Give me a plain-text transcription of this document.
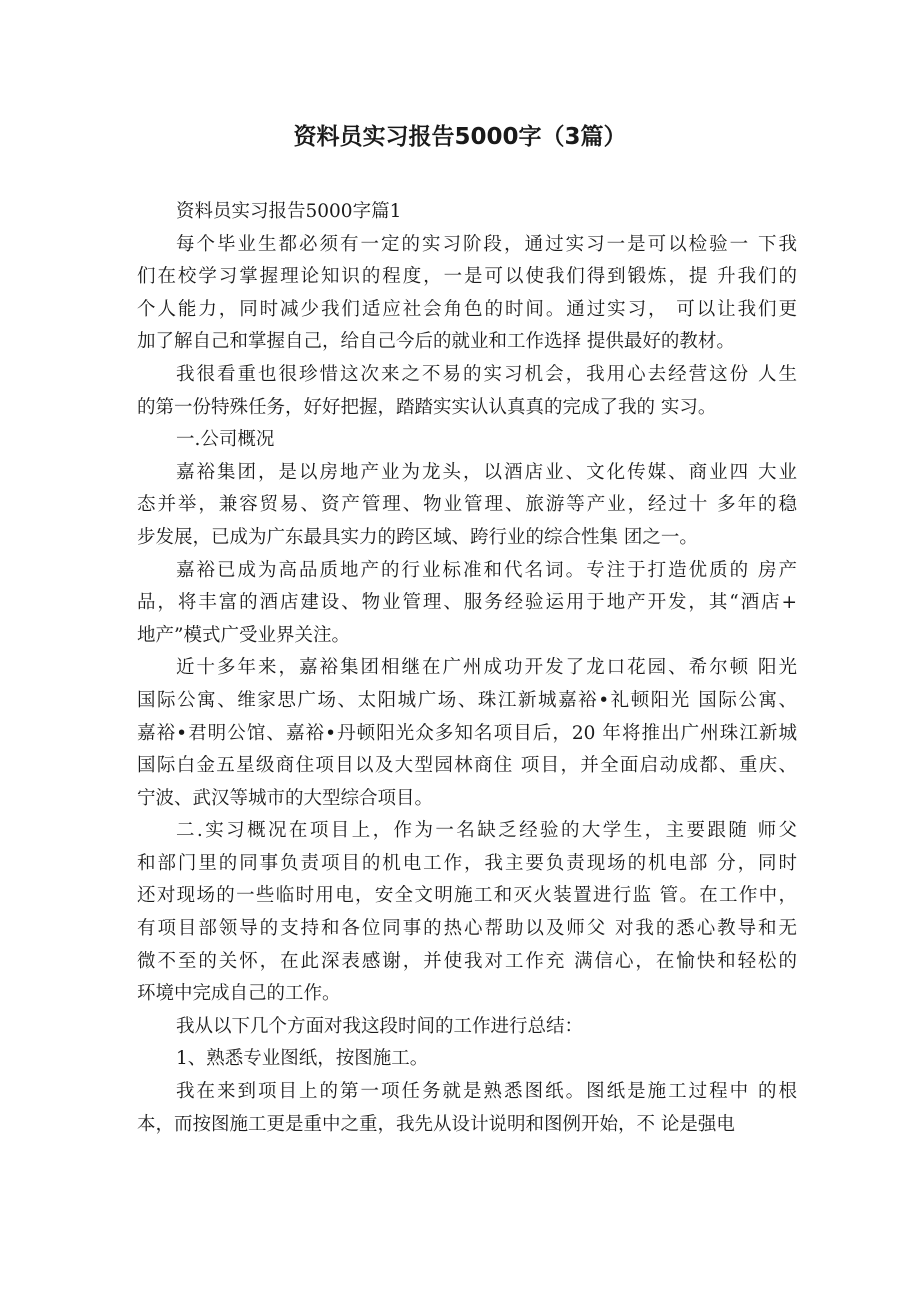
资料员实习报告5000字（3篇）
资料员实习报告5000字篇1
每个毕业生都必须有一定的实习阶段，通过实习一是可以检验一 下我
们在校学习掌握理论知识的程度，一是可以使我们得到锻炼，提 升我们的
个人能力，同时减少我们适应社会角色的时间。通过实习， 可以让我们更
加了解自己和掌握自己，给自己今后的就业和工作选择 提供最好的教材。
我很看重也很珍惜这次来之不易的实习机会，我用心去经营这份 人生
的第一份特殊任务，好好把握，踏踏实实认认真真的完成了我的 实习。
一.公司概况
嘉裕集团，是以房地产业为龙头，以酒店业、文化传媒、商业四 大业
态并举，兼容贸易、资产管理、物业管理、旅游等产业，经过十 多年的稳
步发展，已成为广东最具实力的跨区域、跨行业的综合性集 团之一。
嘉裕已成为高品质地产的行业标准和代名词。专注于打造优质的 房产
品，将丰富的酒店建设、物业管理、服务经验运用于地产开发，其“酒店+
地产”模式广受业界关注。
近十多年来，嘉裕集团相继在广州成功开发了龙口花园、希尔顿 阳光
国际公寓、维家思广场、太阳城广场、珠江新城嘉裕•礼顿阳光 国际公寓、
嘉裕•君明公馆、嘉裕•丹顿阳光众多知名项目后，20 年将推出广州珠江新城
国际白金五星级商住项目以及大型园林商住 项目，并全面启动成都、重庆、
宁波、武汉等城市的大型综合项目。
二.实习概况在项目上，作为一名缺乏经验的大学生，主要跟随 师父
和部门里的同事负责项目的机电工作，我主要负责现场的机电部 分，同时
还对现场的一些临时用电，安全文明施工和灭火装置进行监 管。在工作中，
有项目部领导的支持和各位同事的热心帮助以及师父 对我的悉心教导和无
微不至的关怀，在此深表感谢，并使我对工作充 满信心，在愉快和轻松的
环境中完成自己的工作。
我从以下几个方面对我这段时间的工作进行总结：
1、熟悉专业图纸，按图施工。
我在来到项目上的第一项任务就是熟悉图纸。图纸是施工过程中 的根
本，而按图施工更是重中之重，我先从设计说明和图例开始，不 论是强电
